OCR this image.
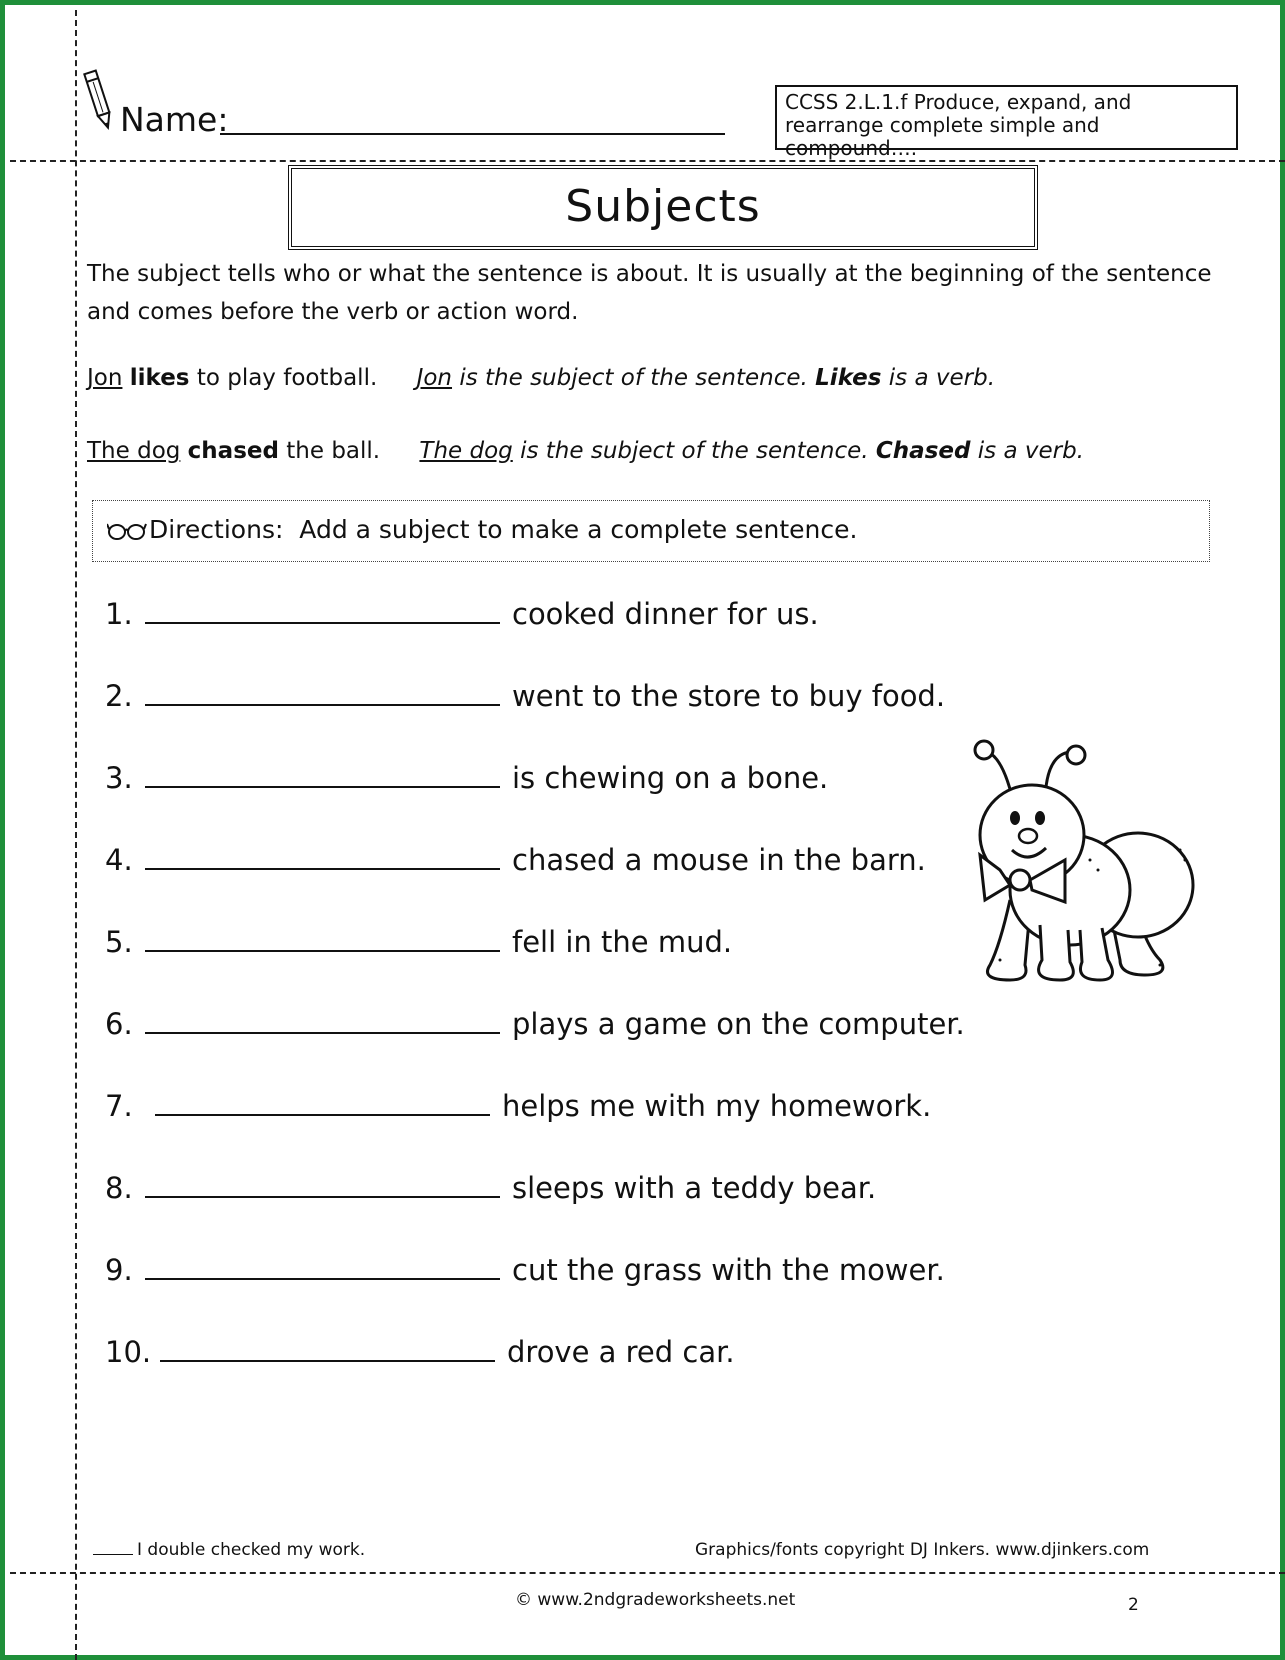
Name:	CCSS 2.L.1.f Produce, expand, and rearrange complete simple and compound….
Subjects
The subject tells who or what the sentence is about. It is usually at the beginning of the sentence and comes before the verb or action word.
Jon likes to play football. Jon is the subject of the sentence. Likes is a verb.
The dog chased the ball. The dog is the subject of the sentence. Chased is a verb.
Directions: Add a subject to make a complete sentence.
1.	cooked dinner for us.
2.	went to the store to buy food.
3.	is chewing on a bone.
4.	chased a mouse in the barn.
5.	fell in the mud.
6.	plays a game on the computer.
7.	helps me with my homework.
8.	sleeps with a teddy bear.
9.	cut the grass with the mower.
10.	drove a red car.
I double checked my work.	Graphics/fonts copyright DJ Inkers. www.djinkers.com
© www.2ndgradeworksheets.net	2
